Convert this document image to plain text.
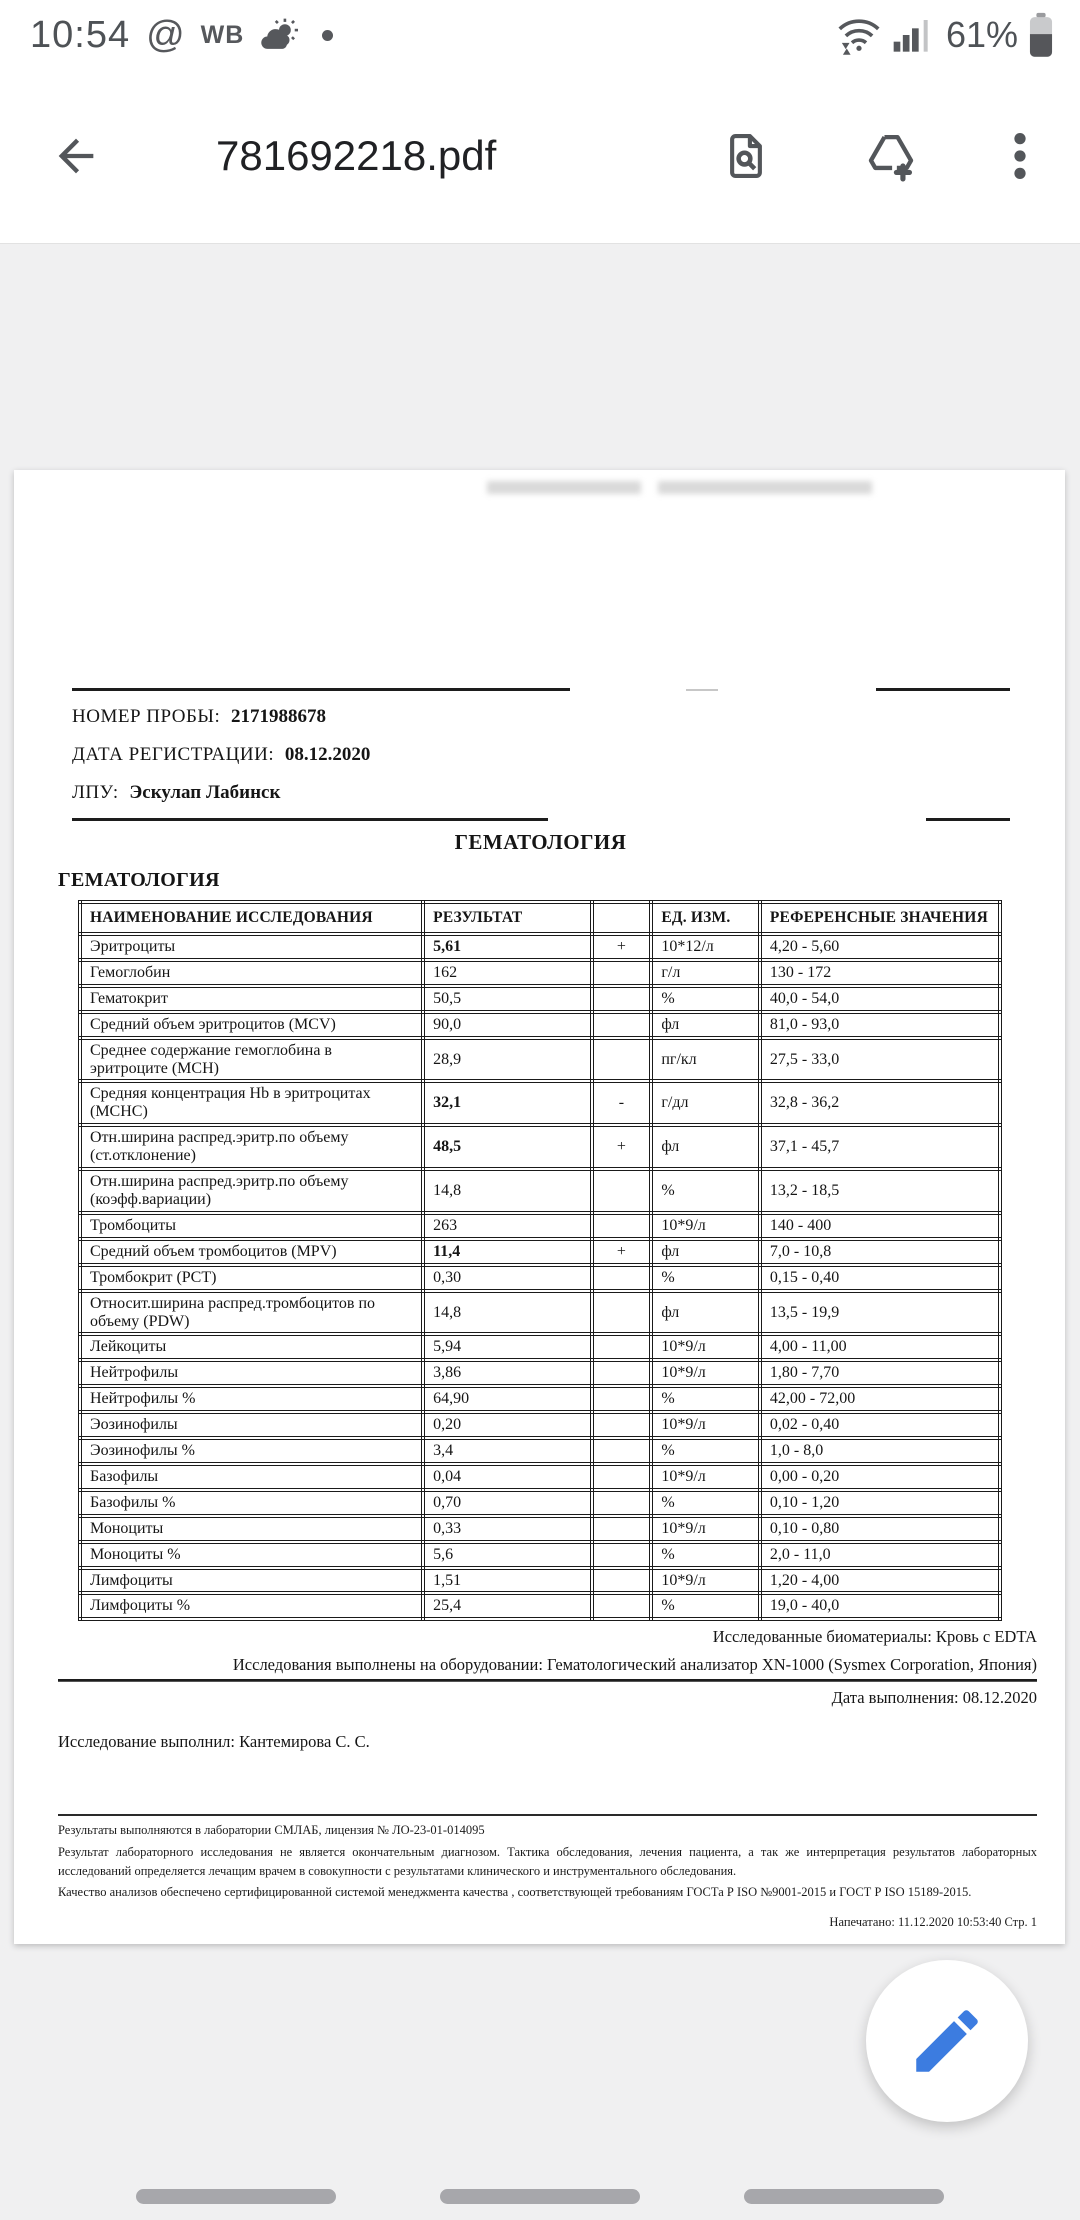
10:54 @ WB	61%
781692218.pdf
НОМЕР ПРОБЫ: 2171988678
ДАТА РЕГИСТРАЦИИ: 08.12.2020
ЛПУ: Эскулап Лабинск
ГЕМАТОЛОГИЯ
ГЕМАТОЛОГИЯ
НАИМЕНОВАНИЕ ИССЛЕДОВАНИЯ	РЕЗУЛЬТАТ		ЕД. ИЗМ.	РЕФЕРЕНСНЫЕ ЗНАЧЕНИЯ
Эритроциты	5,61	+	10*12/л	4,20 - 5,60
Гемоглобин	162		г/л	130 - 172
Гематокрит	50,5		%	40,0 - 54,0
Средний объем эритроцитов (MCV)	90,0		фл	81,0 - 93,0
Среднее содержание гемоглобина в эритроците (МСН)	28,9		пг/кл	27,5 - 33,0
Средняя концентрация Hb в эритроцитах (МСНС)	32,1	-	г/дл	32,8 - 36,2
Отн.ширина распред.эритр.по объему (ст.отклонение)	48,5	+	фл	37,1 - 45,7
Отн.ширина распред.эритр.по объему (коэфф.вариации)	14,8		%	13,2 - 18,5
Тромбоциты	263		10*9/л	140 - 400
Средний объем тромбоцитов (MPV)	11,4	+	фл	7,0 - 10,8
Тромбокрит (PCT)	0,30		%	0,15 - 0,40
Относит.ширина распред.тромбоцитов по объему (PDW)	14,8		фл	13,5 - 19,9
Лейкоциты	5,94		10*9/л	4,00 - 11,00
Нейтрофилы	3,86		10*9/л	1,80 - 7,70
Нейтрофилы %	64,90		%	42,00 - 72,00
Эозинофилы	0,20		10*9/л	0,02 - 0,40
Эозинофилы %	3,4		%	1,0 - 8,0
Базофилы	0,04		10*9/л	0,00 - 0,20
Базофилы %	0,70		%	0,10 - 1,20
Моноциты	0,33		10*9/л	0,10 - 0,80
Моноциты %	5,6		%	2,0 - 11,0
Лимфоциты	1,51		10*9/л	1,20 - 4,00
Лимфоциты %	25,4		%	19,0 - 40,0
Исследованные биоматериалы: Кровь с EDTA
Исследования выполнены на оборудовании: Гематологический анализатор XN-1000 (Sysmex Corporation, Япония)
Дата выполнения: 08.12.2020
Исследование выполнил: Кантемирова С. С.

Результаты выполняются в лаборатории СМЛАБ, лицензия № ЛО-23-01-014095

Результат лабораторного исследования не является окончательным диагнозом. Тактика обследования, лечения пациента, а так же интерпретация результатов лабораторных исследований определяется лечащим врачем в совокупности с результатами клинического и инструментального обследования.

Качество анализов обеспечено сертифицированной системой менеджмента качества , соответствующей требованиям ГОСТа Р ISO №9001-2015 и ГОСТ Р ISO 15189-2015.

Напечатано: 11.12.2020 10:53:40 Стр. 1
